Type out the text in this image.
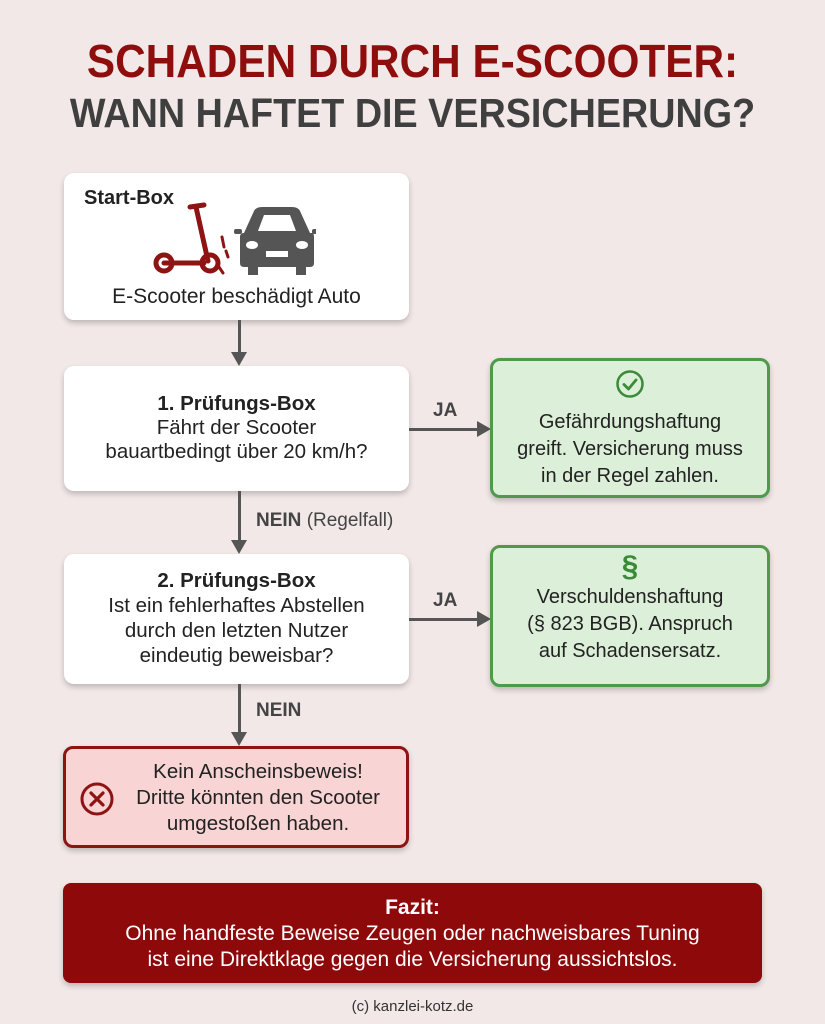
SCHADEN DURCH E-SCOOTER:
WANN HAFTET DIE VERSICHERUNG?
Start-Box
E-Scooter beschädigt Auto
1. Prüfungs-Box
Fährt der Scooter
bauartbedingt über 20 km/h?
JA
Gefährdungshaftung
greift. Versicherung muss
in der Regel zahlen.
NEIN (Regelfall)
2. Prüfungs-Box
Ist ein fehlerhaftes Abstellen
durch den letzten Nutzer
eindeutig beweisbar?
JA
§
Verschuldenshaftung
(§ 823 BGB). Anspruch
auf Schadensersatz.
NEIN
Kein Anscheinsbeweis!
Dritte könnten den Scooter
umgestoßen haben.
Fazit:
Ohne handfeste Beweise Zeugen oder nachweisbares Tuning
ist eine Direktklage gegen die Versicherung aussichtslos.
(c) kanzlei-kotz.de
